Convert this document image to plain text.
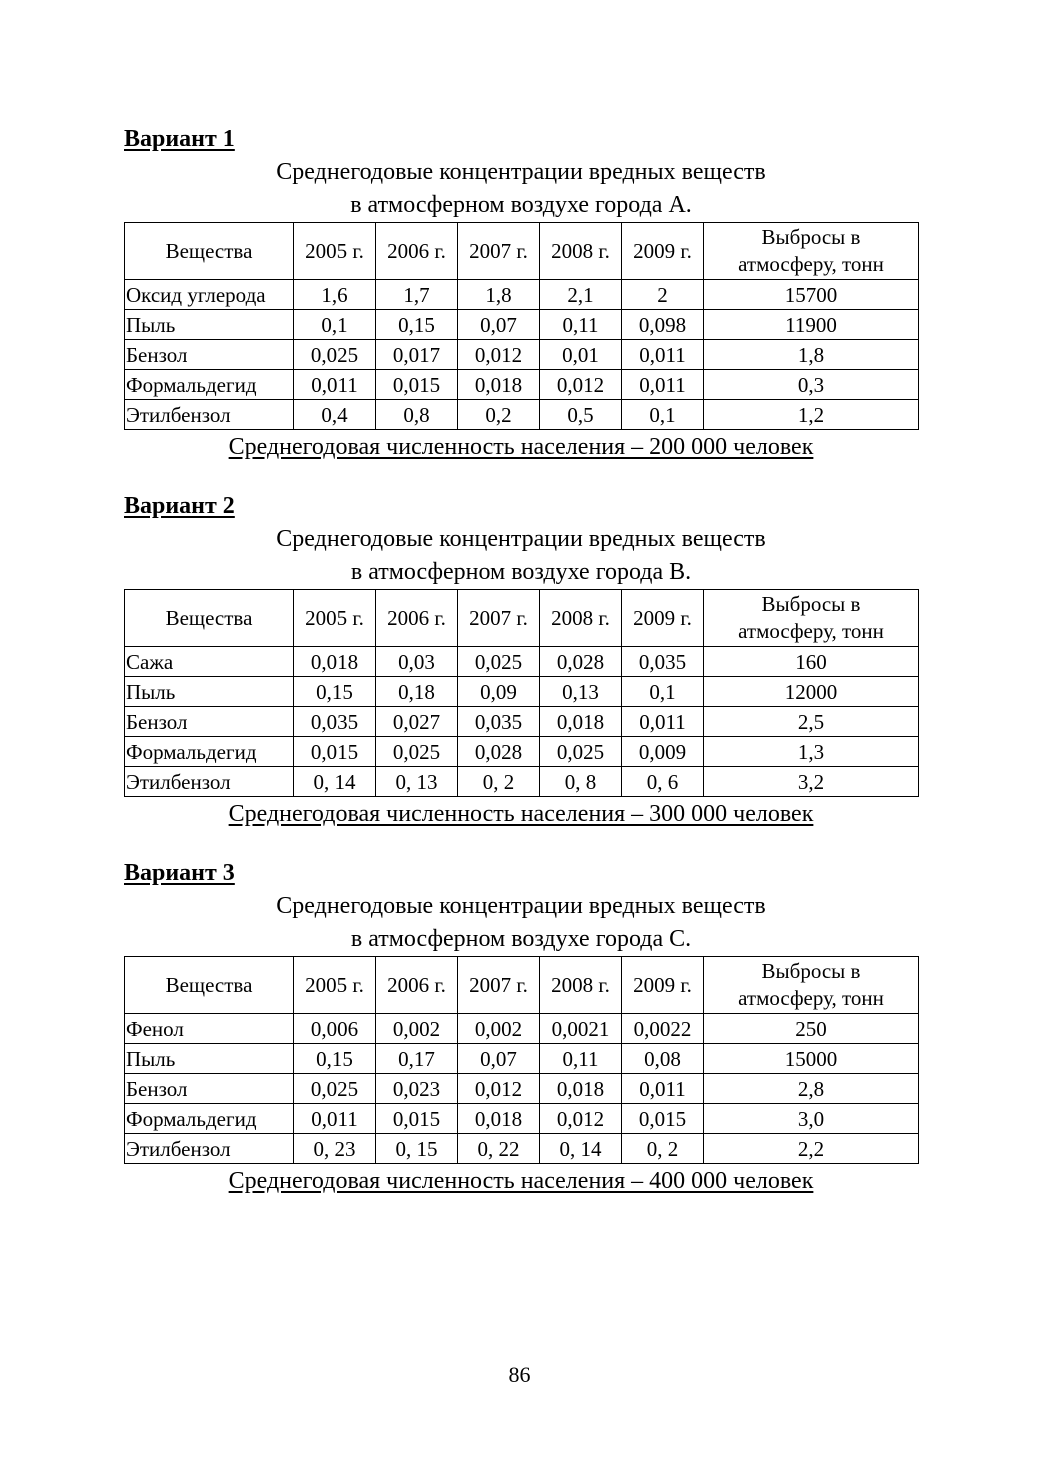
Вариант 1
Среднегодовые концентрации вредных веществ
в атмосферном воздухе города А.
Вещества	2005 г.	2006 г.	2007 г.	2008 г.	2009 г.	Выбросы в
атмосферу, тонн
Оксид углерода	1,6	1,7	1,8	2,1	2	15700
Пыль	0,1	0,15	0,07	0,11	0,098	11900
Бензол	0,025	0,017	0,012	0,01	0,011	1,8
Формальдегид	0,011	0,015	0,018	0,012	0,011	0,3
Этилбензол	0,4	0,8	0,2	0,5	0,1	1,2
Среднегодовая численность населения – 200 000 человек
Вариант 2
Среднегодовые концентрации вредных веществ
в атмосферном воздухе города В.
Вещества	2005 г.	2006 г.	2007 г.	2008 г.	2009 г.	Выбросы в
атмосферу, тонн
Сажа	0,018	0,03	0,025	0,028	0,035	160
Пыль	0,15	0,18	0,09	0,13	0,1	12000
Бензол	0,035	0,027	0,035	0,018	0,011	2,5
Формальдегид	0,015	0,025	0,028	0,025	0,009	1,3
Этилбензол	0, 14	0, 13	0, 2	0, 8	0, 6	3,2
Среднегодовая численность населения – 300 000 человек
Вариант 3
Среднегодовые концентрации вредных веществ
в атмосферном воздухе города С.
Вещества	2005 г.	2006 г.	2007 г.	2008 г.	2009 г.	Выбросы в
атмосферу, тонн
Фенол	0,006	0,002	0,002	0,0021	0,0022	250
Пыль	0,15	0,17	0,07	0,11	0,08	15000
Бензол	0,025	0,023	0,012	0,018	0,011	2,8
Формальдегид	0,011	0,015	0,018	0,012	0,015	3,0
Этилбензол	0, 23	0, 15	0, 22	0, 14	0, 2	2,2
Среднегодовая численность населения – 400 000 человек
86
